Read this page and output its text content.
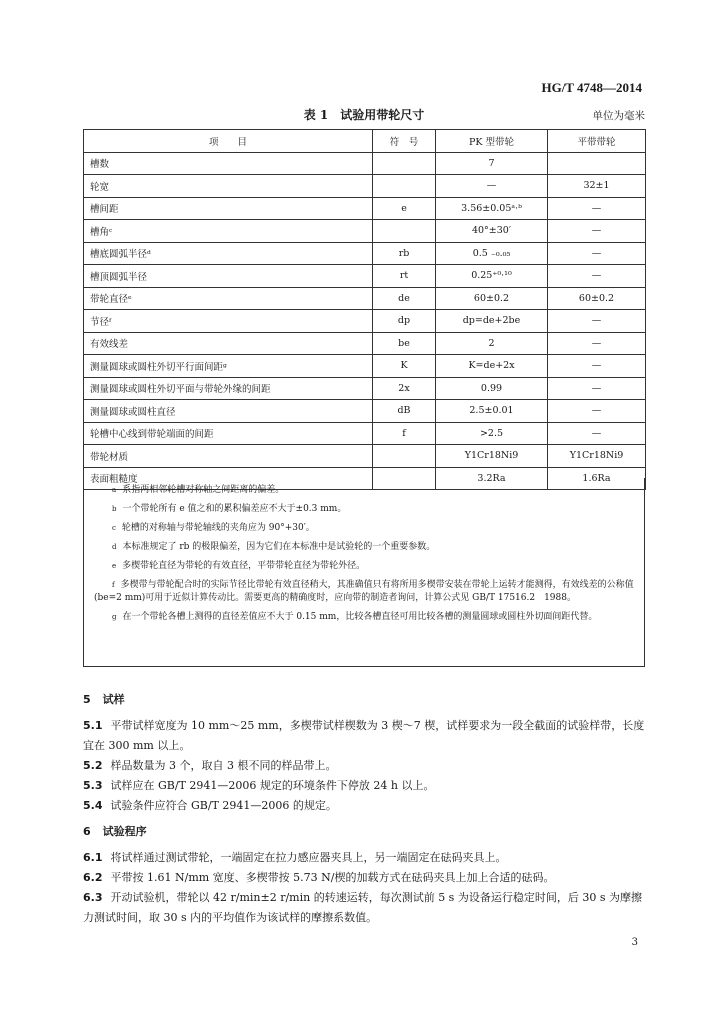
HG/T 4748—2014
表 1　试验用带轮尺寸	单位为毫米
项　　目	符　号	PK 型带轮	平带带轮
槽数		7	
轮宽		—	32±1
槽间距	e	3.56±0.05ᵃ·ᵇ	—
槽角ᶜ		40°±30′	—
槽底圆弧半径ᵈ	rb	0.5 ₋₀.₀₅	—
槽顶圆弧半径	rt	0.25⁺⁰·¹⁰	—
带轮直径ᵉ	de	60±0.2	60±0.2
节径ᶠ	dp	dp=de+2be	—
有效线差	be	2	—
测量圆球或圆柱外切平行面间距ᵍ	K	K=de+2x	—
测量圆球或圆柱外切平面与带轮外缘的间距	2x	0.99	—
测量圆球或圆柱直径	dB	2.5±0.01	—
轮槽中心线到带轮端面的间距	f	>2.5	—
带轮材质		Y1Cr18Ni9	Y1Cr18Ni9
表面粗糙度		3.2Ra	1.6Ra
$^a$ 系指两相邻轮槽对称轴之间距离的偏差。
$^b$ 一个带轮所有 e 值之和的累积偏差应不大于±0.3 mm。
$^c$ 轮槽的对称轴与带轮轴线的夹角应为 90°+30′。
$^d$ 本标准规定了 rb 的极限偏差，因为它们在本标准中是试验轮的一个重要参数。
$^e$ 多楔带轮直径为带轮的有效直径，平带带轮直径为带轮外径。
$^f$ 多楔带与带轮配合时的实际节径比带轮有效直径稍大，其准确值只有将所用多楔带安装在带轮上运转才能测得，有效线差的公称值(be=2 mm)可用于近似计算传动比。需要更高的精确度时，应向带的制造者询问，计算公式见 GB/T 17516.2　1988。
$^g$ 在一个带轮各槽上测得的直径差值应不大于 0.15 mm，比较各槽直径可用比较各槽的测量圆球或圆柱外切面间距代替。
5 试样

5.1 平带试样宽度为 10 mm～25 mm，多楔带试样楔数为 3 楔～7 楔，试样要求为一段全截面的试验样带，长度宜在 300 mm 以上。

5.2 样品数量为 3 个，取自 3 根不同的样品带上。

5.3 试样应在 GB/T 2941—2006 规定的环境条件下停放 24 h 以上。

5.4 试验条件应符合 GB/T 2941—2006 的规定。

6 试验程序

6.1 将试样通过测试带轮，一端固定在拉力感应器夹具上，另一端固定在砝码夹具上。

6.2 平带按 1.61 N/mm 宽度、多楔带按 5.73 N/楔的加载方式在砝码夹具上加上合适的砝码。

6.3 开动试验机，带轮以 42 r/min±2 r/min 的转速运转，每次测试前 5 s 为设备运行稳定时间，后 30 s 为摩擦力测试时间，取 30 s 内的平均值作为该试样的摩擦系数值。

3
